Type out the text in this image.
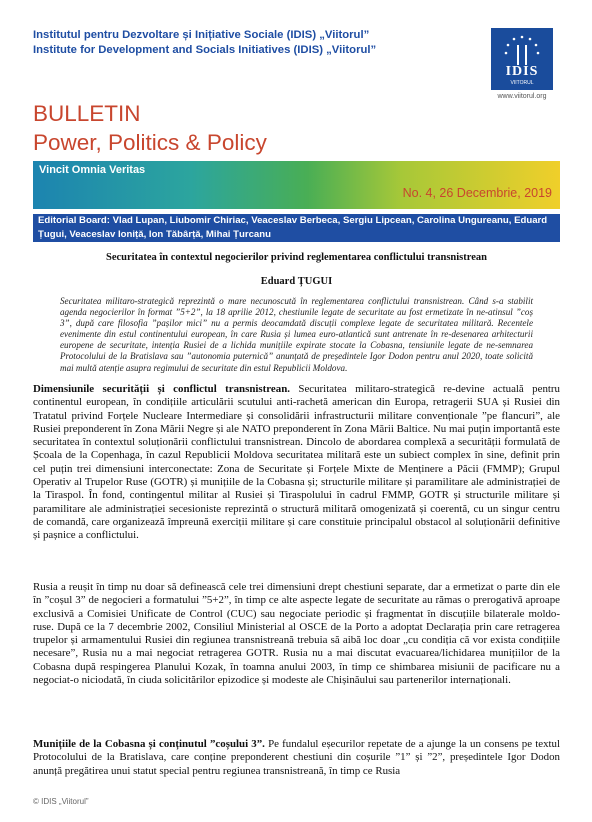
Institutul pentru Dezvoltare și Inițiative Sociale (IDIS) „Viitorul”
Institute for Development and Socials Initiatives (IDIS) „Viitorul”
IDIS
VIITORUL
www.viitorul.org
BULLETIN
Power, Politics & Policy
Vincit Omnia Veritas
No. 4, 26 Decembrie, 2019
Editorial Board: Vlad Lupan, Liubomir Chiriac, Veaceslav Berbeca, Sergiu Lipcean, Carolina Ungureanu, Eduard Țugui, Veaceslav Ioniță, Ion Tăbârță, Mihai Țurcanu
Securitatea în contextul negocierilor privind reglementarea conflictului transnistrean
Eduard ȚUGUI
Securitatea militaro-strategică reprezintă o mare necunoscută în reglementarea conflictului transnistrean. Când s-a stabilit agenda negocierilor în format ”5+2”, la 18 aprilie 2012, chestiunile legate de securitate au fost ermetizate în ne-atinsul ”coș 3”, după care filosofia ”pașilor mici” nu a permis deocamdată discuții complexe legate de securitatea militară. Recentele evenimente din estul continentului european, în care Rusia și lumea euro-atlantică sunt antrenate în re-desenarea arhitecturii europene de securitate, intenția Rusiei de a lichida munițiile expirate stocate la Cobasna, tensiunile legate de ne-semnarea Protocolului de la Bratislava sau ”autonomia puternică” anunțată de președintele Igor Dodon pentru anul 2020, toate solicită mai multă atenție asupra regimului de securitate din estul Republicii Moldova.
Dimensiunile securității și conflictul transnistrean. Securitatea militaro-strategică re-devine actuală pentru continentul european, în condițiile articulării scutului anti-rachetă american din Europa, retragerii SUA și Rusiei din Tratatul privind Forțele Nucleare Intermediare și consolidării infrastructurii militare convenționale ”pe flancuri”, ale Rusiei preponderent în Zona Mării Negre și ale NATO preponderent în Zona Mării Baltice. Nu mai puțin importantă este securitatea în contextul soluționării conflictului transnistrean. Dincolo de abordarea complexă a securității formulată de Școala de la Copenhaga, în cazul Republicii Moldova securitatea militară este un subiect complex în sine, definit prin cel puțin trei dimensiuni interconectate: Zona de Securitate și Forțele Mixte de Menținere a Păcii (FMMP); Grupul Operativ al Trupelor Ruse (GOTR) și munițiile de la Cobasna și; structurile militare și paramilitare ale administrației de la Tiraspol. În fond, contingentul militar al Rusiei și Tiraspolului în cadrul FMMP, GOTR și structurile militare și paramilitare ale administrației secesioniste reprezintă o structură militară omogenizată și coerentă, cu un singur centru de comandă, care organizează împreună exerciții militare și care constituie principalul obstacol al soluționării definitive și pașnice a conflictului.
Rusia a reușit în timp nu doar să definească cele trei dimensiuni drept chestiuni separate, dar a ermetizat o parte din ele în ”coșul 3” de negocieri a formatului ”5+2”, în timp ce alte aspecte legate de securitate au rămas o prerogativă aproape exclusivă a Comisiei Unificate de Control (CUC) sau negociate periodic și fragmentat în discuțiile bilaterale moldo-ruse. După ce la 7 decembrie 2002, Consiliul Ministerial al OSCE de la Porto a adoptat Declarația prin care retragerea trupelor și armamentului Rusiei din regiunea transnistreană trebuia să aibă loc doar „cu condiția că vor exista condițiile necesare”, Rusia nu a mai negociat retragerea GOTR. Rusia nu a mai discutat evacuarea/lichidarea munițiilor de la Cobasna după respingerea Planului Kozak, în toamna anului 2003, în timp ce shimbarea misiunii de pacificare nu a negociat-o niciodată, în ciuda solicitărilor epizodice și modeste ale Chișinăului sau partenerilor internaționali.
Munițiile de la Cobasna și conținutul ”coșului 3”. Pe fundalul eșecurilor repetate de a ajunge la un consens pe textul Protocolului de la Bratislava, care conține preponderent chestiuni din coșurile ”1” și ”2”, președintele Igor Dodon anunță pregătirea unui statut special pentru regiunea transnistreană, în timp ce Rusia
© IDIS „Viitorul”
